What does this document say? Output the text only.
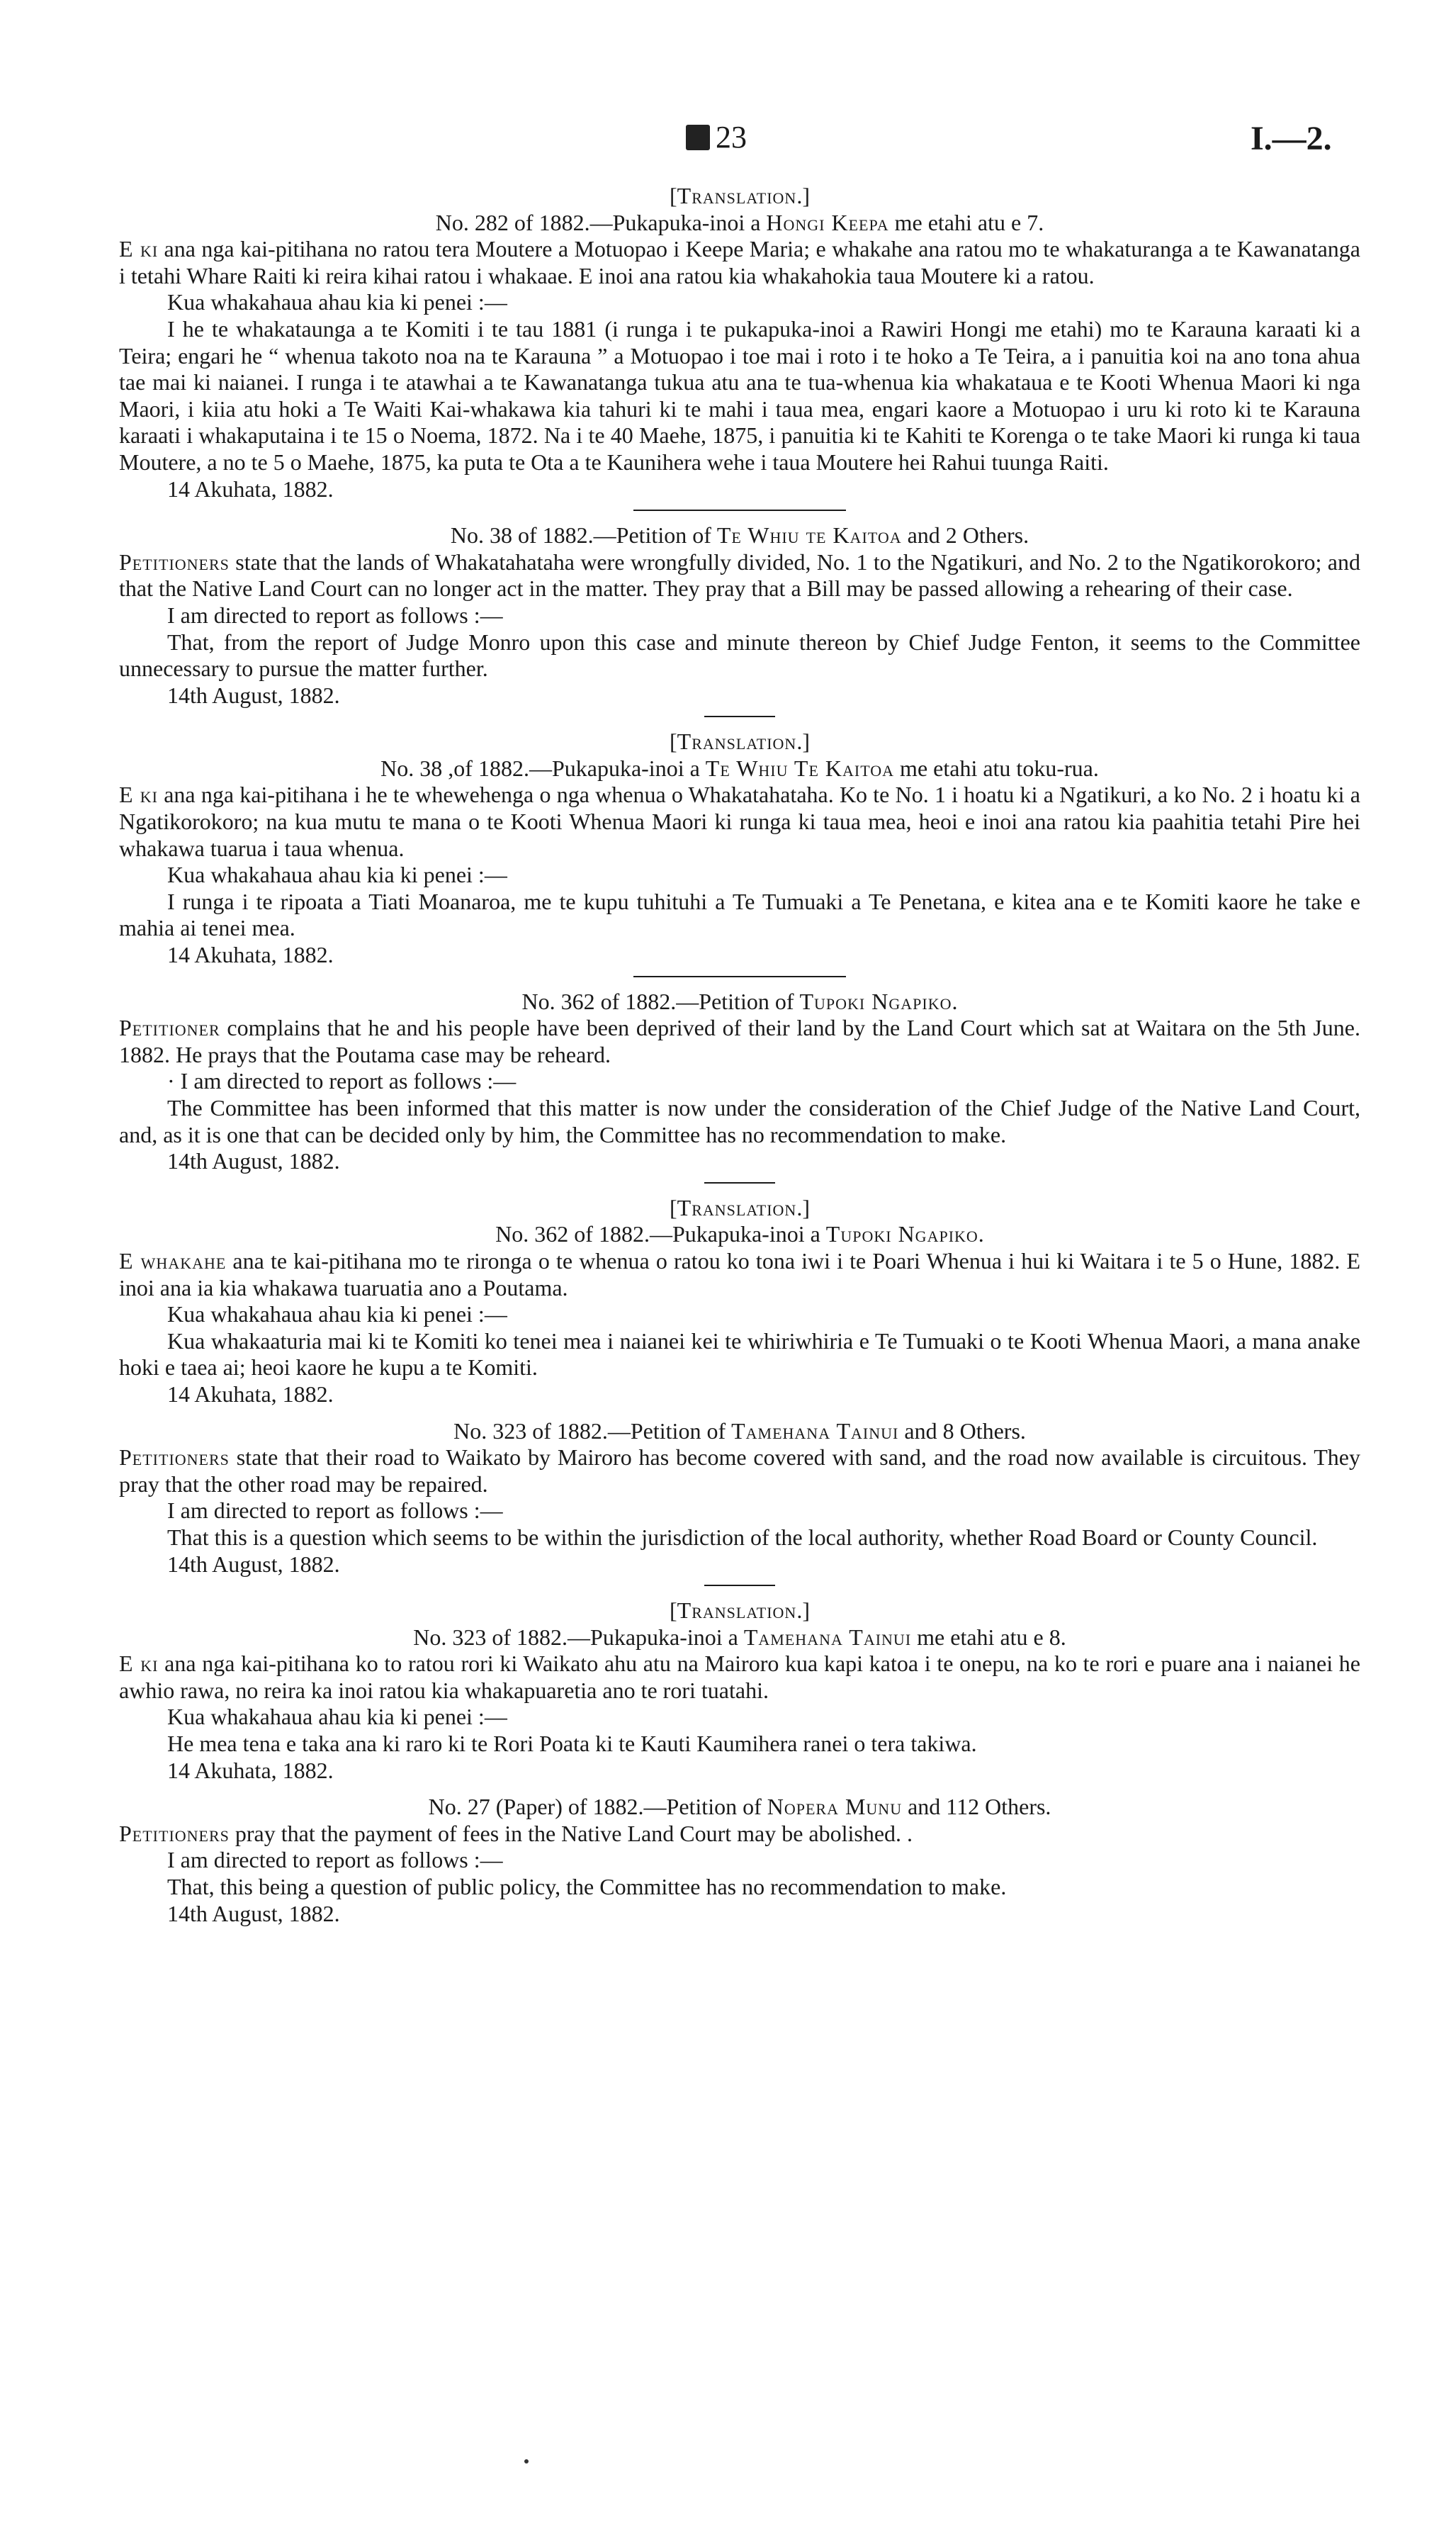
23	I.—2.

[Translation.]

No. 282 of 1882.—Pukapuka-inoi a Hongi Keepa me etahi atu e 7.

E ki ana nga kai-pitihana no ratou tera Moutere a Motuopao i Keepe Maria; e whakahe ana ratou mo te whakaturanga a te Kawanatanga i tetahi Whare Raiti ki reira kihai ratou i whakaae. E inoi ana ratou kia whakahokia taua Moutere ki a ratou.

Kua whakahaua ahau kia ki penei :—

I he te whakataunga a te Komiti i te tau 1881 (i runga i te pukapuka-inoi a Rawiri Hongi me etahi) mo te Karauna karaati ki a Teira; engari he “ whenua takoto noa na te Karauna ” a Motuopao i toe mai i roto i te hoko a Te Teira, a i panuitia koi na ano tona ahua tae mai ki naianei. I runga i te atawhai a te Kawanatanga tukua atu ana te tua-whenua kia whakataua e te Kooti Whenua Maori ki nga Maori, i kiia atu hoki a Te Waiti Kai-whakawa kia tahuri ki te mahi i taua mea, engari kaore a Motuopao i uru ki roto ki te Karauna karaati i whakaputaina i te 15 o Noema, 1872. Na i te 40 Maehe, 1875, i panuitia ki te Kahiti te Korenga o te take Maori ki runga ki taua Moutere, a no te 5 o Maehe, 1875, ka puta te Ota a te Kaunihera wehe i taua Moutere hei Rahui tuunga Raiti.

14 Akuhata, 1882.

No. 38 of 1882.—Petition of Te Whiu te Kaitoa and 2 Others.

Petitioners state that the lands of Whakatahataha were wrongfully divided, No. 1 to the Ngatikuri, and No. 2 to the Ngatikorokoro; and that the Native Land Court can no longer act in the matter. They pray that a Bill may be passed allowing a rehearing of their case.

I am directed to report as follows :—

That, from the report of Judge Monro upon this case and minute thereon by Chief Judge Fenton, it seems to the Committee unnecessary to pursue the matter further.

14th August, 1882.

[Translation.]

No. 38 ,of 1882.—Pukapuka-inoi a Te Whiu Te Kaitoa me etahi atu toku-rua.

E ki ana nga kai-pitihana i he te whewehenga o nga whenua o Whakatahataha. Ko te No. 1 i hoatu ki a Ngatikuri, a ko No. 2 i hoatu ki a Ngatikorokoro; na kua mutu te mana o te Kooti Whenua Maori ki runga ki taua mea, heoi e inoi ana ratou kia paahitia tetahi Pire hei whakawa tuarua i taua whenua.

Kua whakahaua ahau kia ki penei :—

I runga i te ripoata a Tiati Moanaroa, me te kupu tuhituhi a Te Tumuaki a Te Penetana, e kitea ana e te Komiti kaore he take e mahia ai tenei mea.

14 Akuhata, 1882.

No. 362 of 1882.—Petition of Tupoki Ngapiko.

Petitioner complains that he and his people have been deprived of their land by the Land Court which sat at Waitara on the 5th June. 1882. He prays that the Poutama case may be reheard.

· I am directed to report as follows :—

The Committee has been informed that this matter is now under the consideration of the Chief Judge of the Native Land Court, and, as it is one that can be decided only by him, the Committee has no recommendation to make.

14th August, 1882.

[Translation.]

No. 362 of 1882.—Pukapuka-inoi a Tupoki Ngapiko.

E whakahe ana te kai-pitihana mo te rironga o te whenua o ratou ko tona iwi i te Poari Whenua i hui ki Waitara i te 5 o Hune, 1882. E inoi ana ia kia whakawa tuaruatia ano a Poutama.

Kua whakahaua ahau kia ki penei :—

Kua whakaaturia mai ki te Komiti ko tenei mea i naianei kei te whiriwhiria e Te Tumuaki o te Kooti Whenua Maori, a mana anake hoki e taea ai; heoi kaore he kupu a te Komiti.

14 Akuhata, 1882.

No. 323 of 1882.—Petition of Tamehana Tainui and 8 Others.

Petitioners state that their road to Waikato by Mairoro has become covered with sand, and the road now available is circuitous. They pray that the other road may be repaired.

I am directed to report as follows :—

That this is a question which seems to be within the jurisdiction of the local authority, whether Road Board or County Council.

14th August, 1882.

[Translation.]

No. 323 of 1882.—Pukapuka-inoi a Tamehana Tainui me etahi atu e 8.

E ki ana nga kai-pitihana ko to ratou rori ki Waikato ahu atu na Mairoro kua kapi katoa i te onepu, na ko te rori e puare ana i naianei he awhio rawa, no reira ka inoi ratou kia whakapuaretia ano te rori tuatahi.

Kua whakahaua ahau kia ki penei :—

He mea tena e taka ana ki raro ki te Rori Poata ki te Kauti Kaumihera ranei o tera takiwa.

14 Akuhata, 1882.

No. 27 (Paper) of 1882.—Petition of Nopera Munu and 112 Others.

Petitioners pray that the payment of fees in the Native Land Court may be abolished. .

I am directed to report as follows :—

That, this being a question of public policy, the Committee has no recommendation to make.

14th August, 1882.
